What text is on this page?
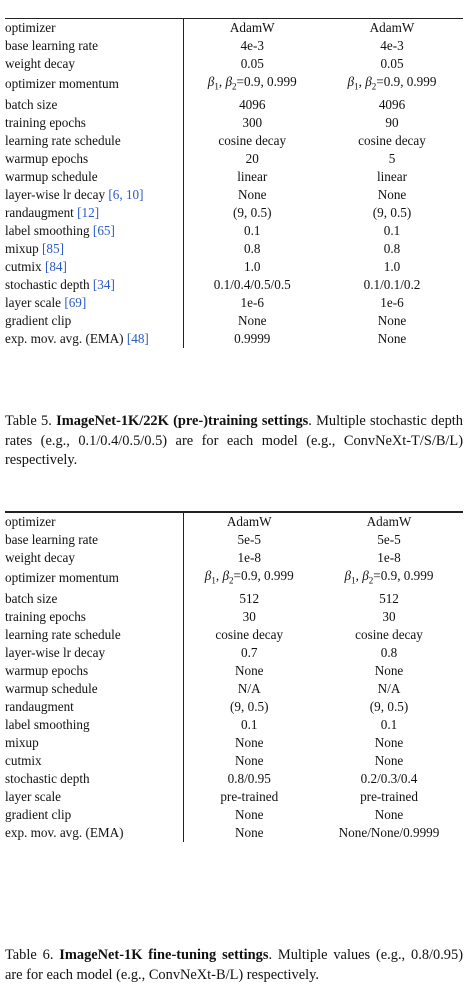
optimizer	AdamW	AdamW
base learning rate	4e-3	4e-3
weight decay	0.05	0.05
optimizer momentum	$\beta_1$, $\beta_2=0.9$, 0.999	$\beta_1$, $\beta_2=0.9$, 0.999
batch size	4096	4096
training epochs	300	90
learning rate schedule	cosine decay	cosine decay
warmup epochs	20	5
warmup schedule	linear	linear
layer-wise lr decay [6, 10]	None	None
randaugment [12]	(9, 0.5)	(9, 0.5)
label smoothing [65]	0.1	0.1
mixup [85]	0.8	0.8
cutmix [84]	1.0	1.0
stochastic depth [34]	0.1/0.4/0.5/0.5	0.1/0.1/0.2
layer scale [69]	1e-6	1e-6
gradient clip	None	None
exp. mov. avg. (EMA) [48]	0.9999	None
Table 5. ImageNet-1K/22K (pre-)training settings. Multiple stochastic depth rates (e.g., 0.1/0.4/0.5/0.5) are for each model (e.g., ConvNeXt-T/S/B/L) respectively.

optimizer	AdamW	AdamW
base learning rate	5e-5	5e-5
weight decay	1e-8	1e-8
optimizer momentum	$\beta_1$, $\beta_2=0.9$, 0.999	$\beta_1$, $\beta_2=0.9$, 0.999
batch size	512	512
training epochs	30	30
learning rate schedule	cosine decay	cosine decay
layer-wise lr decay	0.7	0.8
warmup epochs	None	None
warmup schedule	N/A	N/A
randaugment	(9, 0.5)	(9, 0.5)
label smoothing	0.1	0.1
mixup	None	None
cutmix	None	None
stochastic depth	0.8/0.95	0.2/0.3/0.4
layer scale	pre-trained	pre-trained
gradient clip	None	None
exp. mov. avg. (EMA)	None	None/None/0.9999
Table 6. ImageNet-1K fine-tuning settings. Multiple values (e.g., 0.8/0.95) are for each model (e.g., ConvNeXt-B/L) respectively.
